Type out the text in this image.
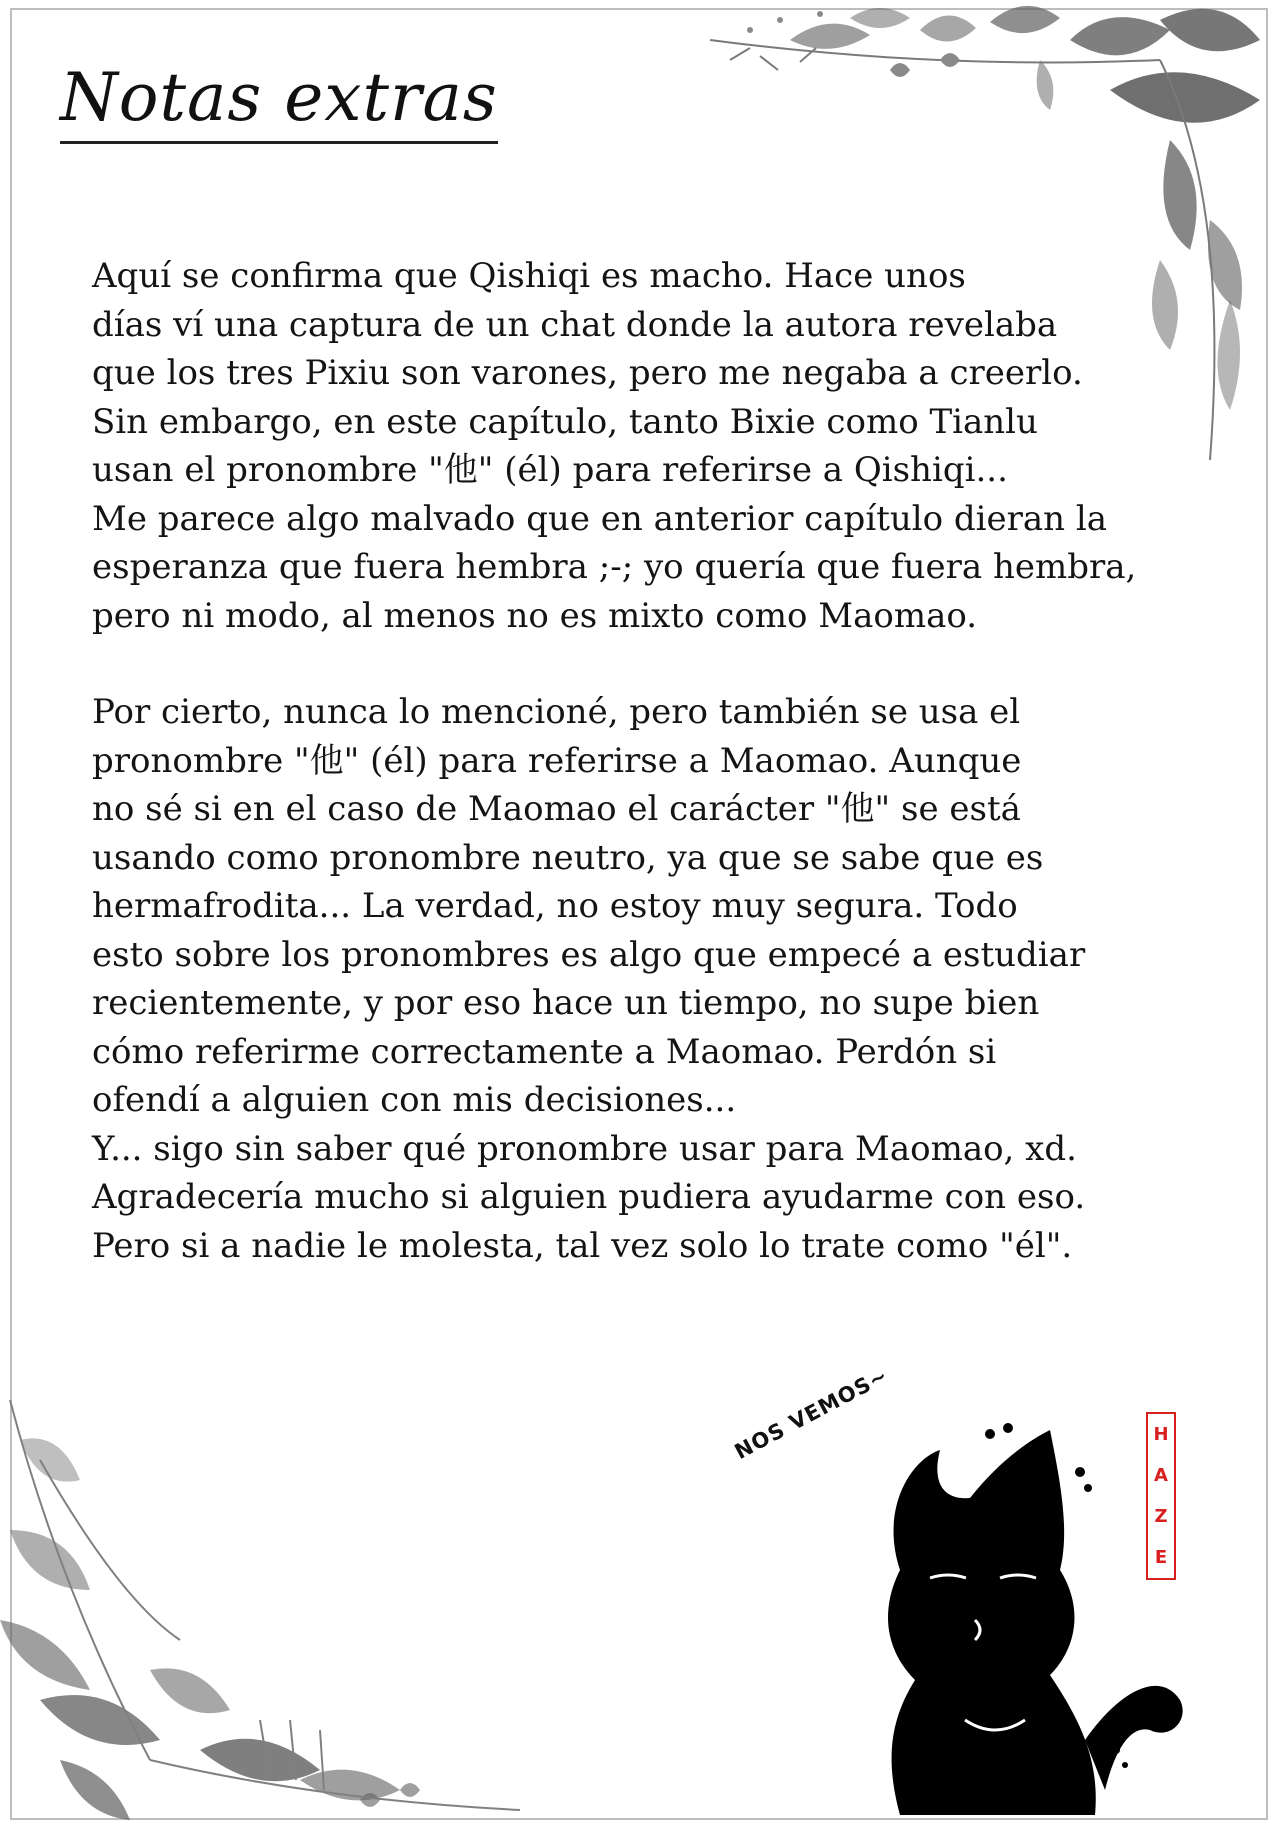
Notas extras

Aquí se confirma que Qishiqi es macho. Hace unos
días ví una captura de un chat donde la autora revelaba
que los tres Pixiu son varones, pero me negaba a creerlo.
Sin embargo, en este capítulo, tanto Bixie como Tianlu
usan el pronombre "他" (él) para referirse a Qishiqi...
Me parece algo malvado que en anterior capítulo dieran la
esperanza que fuera hembra ;-; yo quería que fuera hembra,
pero ni modo, al menos no es mixto como Maomao.

Por cierto, nunca lo mencioné, pero también se usa el
pronombre "他" (él) para referirse a Maomao. Aunque
no sé si en el caso de Maomao el carácter "他" se está
usando como pronombre neutro, ya que se sabe que es
hermafrodita... La verdad, no estoy muy segura. Todo
esto sobre los pronombres es algo que empecé a estudiar
recientemente, y por eso hace un tiempo, no supe bien
cómo referirme correctamente a Maomao. Perdón si
ofendí a alguien con mis decisiones...
Y... sigo sin saber qué pronombre usar para Maomao, xd.
Agradecería mucho si alguien pudiera ayudarme con eso.
Pero si a nadie le molesta, tal vez solo lo trate como "él".

NOS VEMOS~	H
A
Z
E
